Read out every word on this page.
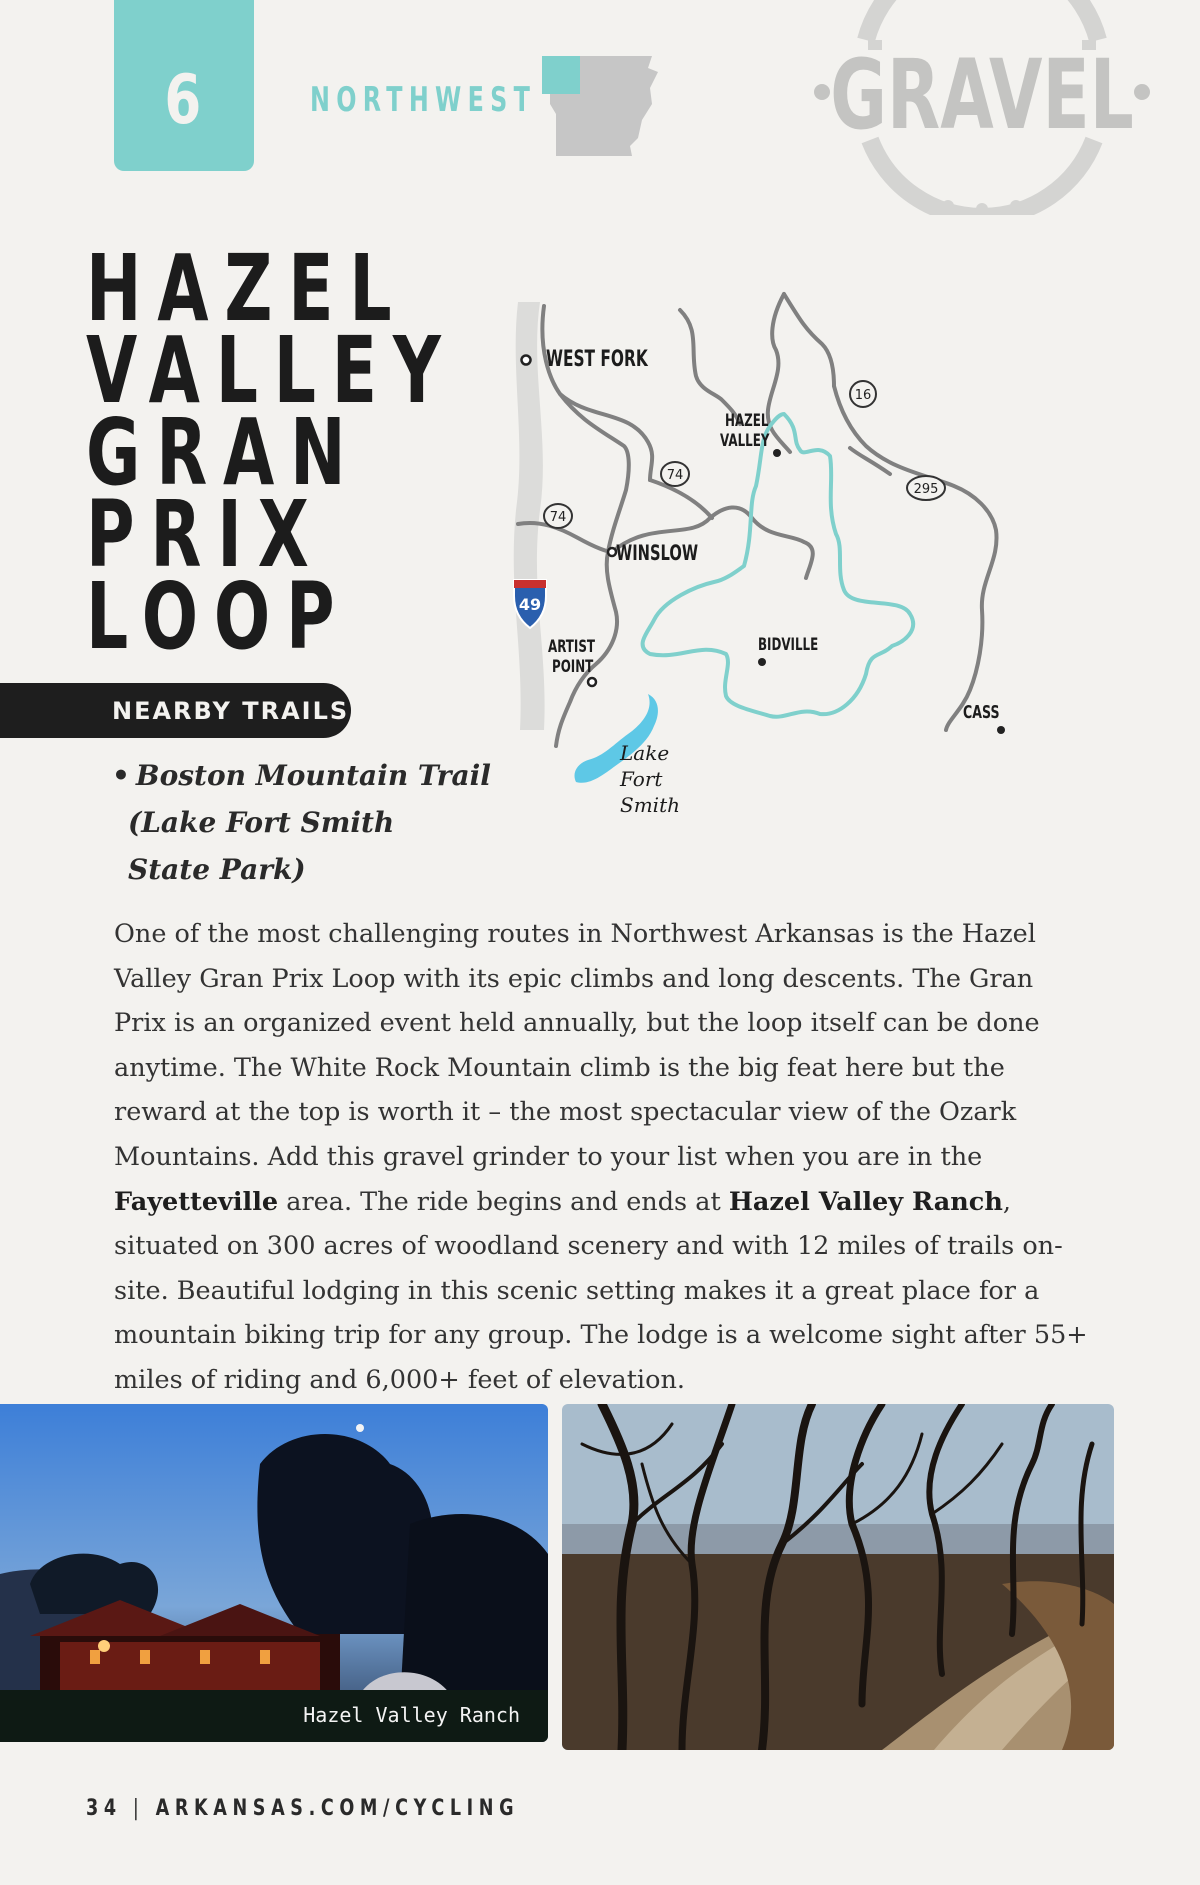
6	NORTHWEST	GRAVEL
HAZEL
VALLEY
GRAN
PRIX
LOOP
16
74
74
295
49
WEST FORK
HAZEL
VALLEY
WINSLOW
ARTIST
POINT
BIDVILLE
CASS
Lake
Fort
Smith
NEARBY TRAILS
• Boston Mountain Trail
(Lake Fort Smith
State Park)

One of the most challenging routes in Northwest Arkansas is the Hazel Valley Gran Prix Loop with its epic climbs and long descents. The Gran Prix is an organized event held annually, but the loop itself can be done anytime. The White Rock Mountain climb is the big feat here but the reward at the top is worth it – the most spectacular view of the Ozark Mountains. Add this gravel grinder to your list when you are in the Fayetteville area. The ride begins and ends at Hazel Valley Ranch, situated on 300 acres of woodland scenery and with 12 miles of trails on-site. Beautiful lodging in this scenic setting makes it a great place for a mountain biking trip for any group. The lodge is a welcome sight after 55+ miles of riding and 6,000+ feet of elevation.

Hazel Valley Ranch
34 | ARKANSAS.COM/CYCLING
